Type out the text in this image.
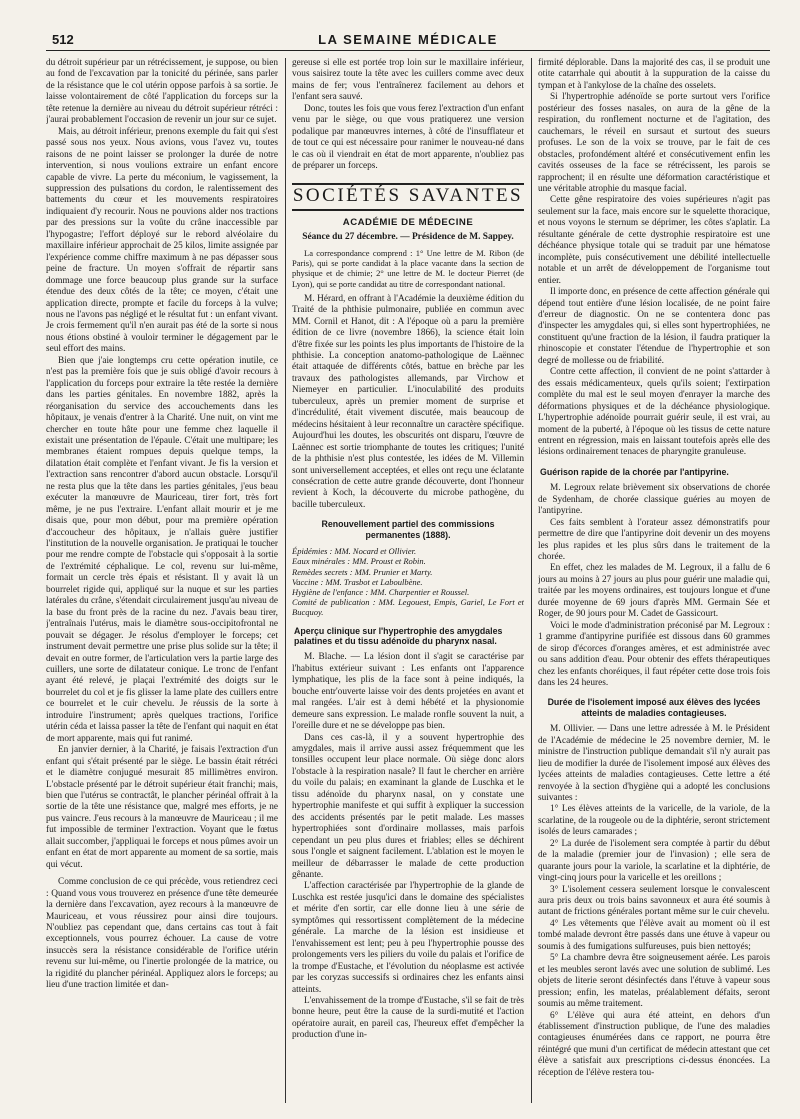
512	LA SEMAINE MÉDICALE

du détroit supérieur par un rétrécissement, je suppose, ou bien au fond de l'excavation par la tonicité du périnée, sans parler de la résistance que le col utérin oppose parfois à sa sortie. Je laisse volontairement de côté l'application du forceps sur la tête retenue la dernière au niveau du détroit supérieur rétréci : j'aurai probablement l'occasion de revenir un jour sur ce sujet.

Mais, au détroit inférieur, prenons exemple du fait qui s'est passé sous nos yeux. Nous avions, vous l'avez vu, toutes raisons de ne point laisser se prolonger la durée de notre intervention, si nous voulions extraire un enfant encore capable de vivre. La perte du méconium, le vagissement, la suppression des pulsations du cordon, le ralentissement des battements du cœur et les mouvements respiratoires indiquaient d'y recourir. Nous ne pouvions alder nos tractions par des pressions sur la voûte du crâne inaccessible par l'hypogastre; l'effort déployé sur le rebord alvéolaire du maxillaire inférieur approchait de 25 kilos, limite assignée par l'expérience comme chiffre maximum à ne pas dépasser sous peine de fracture. Un moyen s'offrait de répartir sans dommage une force beaucoup plus grande sur la surface étendue des deux côtés de la tête; ce moyen, c'était une application directe, prompte et facile du forceps à la vulve; nous ne l'avons pas négligé et le résultat fut : un enfant vivant. Je crois fermement qu'il n'en aurait pas été de la sorte si nous nous étions obstiné à vouloir terminer le dégagement par le seul effort des mains.

Bien que j'aie longtemps cru cette opération inutile, ce n'est pas la première fois que je suis obligé d'avoir recours à l'application du forceps pour extraire la tête restée la dernière dans les parties génitales. En novembre 1882, après la réorganisation du service des accouchements dans les hôpitaux, je venais d'entrer à la Charité. Une nuit, on vint me chercher en toute hâte pour une femme chez laquelle il existait une présentation de l'épaule. C'était une multipare; les membranes étaient rompues depuis quelque temps, la dilatation était complète et l'enfant vivant. Je fis la version et l'extraction sans rencontrer d'abord aucun obstacle. Lorsqu'il ne resta plus que la tête dans les parties génitales, j'eus beau exécuter la manœuvre de Mauriceau, tirer fort, très fort même, je ne pus l'extraire. L'enfant allait mourir et je me disais que, pour mon début, pour ma première opération d'accoucheur des hôpitaux, je n'allais guère justifier l'institution de la nouvelle organisation. Je pratiquai le toucher pour me rendre compte de l'obstacle qui s'opposait à la sortie de l'extrémité céphalique. Le col, revenu sur lui-même, formait un cercle très épais et résistant. Il y avait là un bourrelet rigide qui, appliqué sur la nuque et sur les parties latérales du crâne, s'étendait circulairement jusqu'au niveau de la base du front près de la racine du nez. J'avais beau tirer, j'entraînais l'utérus, mais le diamètre sous-occipitofrontal ne pouvait se dégager. Je résolus d'employer le forceps; cet instrument devait permettre une prise plus solide sur la tête; il devait en outre former, de l'articulation vers la partie large des cuillers, une sorte de dilatateur conique. Le tronc de l'enfant ayant été relevé, je plaçai l'extrémité des doigts sur le bourrelet du col et je fis glisser la lame plate des cuillers entre ce bourrelet et le cuir chevelu. Je réussis de la sorte à introduire l'instrument; après quelques tractions, l'orifice utérin céda et laissa passer la tête de l'enfant qui naquit en état de mort apparente, mais qui fut ranimé.

En janvier dernier, à la Charité, je faisais l'extraction d'un enfant qui s'était présenté par le siège. Le bassin était rétréci et le diamètre conjugué mesurait 85 millimètres environ. L'obstacle présenté par le détroit supérieur était franchi; mais, bien que l'utérus se contractât, le plancher périnéal offrait à la sortie de la tête une résistance que, malgré mes efforts, je ne pus vaincre. J'eus recours à la manœuvre de Mauriceau ; il me fut impossible de terminer l'extraction. Voyant que le fœtus allait succomber, j'appliquai le forceps et nous pûmes avoir un enfant en état de mort apparente au moment de sa sortie, mais qui vécut.

Comme conclusion de ce qui précède, vous retiendrez ceci : Quand vous vous trouverez en présence d'une tête demeurée la dernière dans l'excavation, ayez recours à la manœuvre de Mauriceau, et vous réussirez pour ainsi dire toujours. N'oubliez pas cependant que, dans certains cas tout à fait exceptionnels, vous pourrez échouer. La cause de votre insuccès sera la résistance considérable de l'orifice utérin revenu sur lui-même, ou l'inertie prolongée de la matrice, ou la rigidité du plancher périnéal. Appliquez alors le forceps; au lieu d'une traction limitée et dan-

gereuse si elle est portée trop loin sur le maxillaire inférieur, vous saisirez toute la tête avec les cuillers comme avec deux mains de fer; vous l'entraînerez facilement au dehors et l'enfant sera sauvé.

Donc, toutes les fois que vous ferez l'extraction d'un enfant venu par le siège, ou que vous pratiquerez une version podalique par manœuvres internes, à côté de l'insufflateur et de tout ce qui est nécessaire pour ranimer le nouveau-né dans le cas où il viendrait en état de mort apparente, n'oubliez pas de préparer un forceps.

SOCIÉTÉS SAVANTES
ACADÉMIE DE MÉDECINE
Séance du 27 décembre. — Présidence de M. Sappey.

La correspondance comprend : 1° Une lettre de M. Ribon (de Paris), qui se porte candidat à la place vacante dans la section de physique et de chimie; 2° une lettre de M. le docteur Pierret (de Lyon), qui se porte candidat au titre de correspondant national.

M. Hérard, en offrant à l'Académie la deuxième édition du Traité de la phthisie pulmonaire, publiée en commun avec MM. Cornil et Hanot, dit : A l'époque où a paru la première édition de ce livre (novembre 1866), la science était loin d'être fixée sur les points les plus importants de l'histoire de la phthisie. La conception anatomo-pathologique de Laënnec était attaquée de différents côtés, battue en brèche par les travaux des pathologistes allemands, par Virchow et Niemeyer en particulier. L'inoculabilité des produits tuberculeux, après un premier moment de surprise et d'incrédulité, était vivement discutée, mais beaucoup de médecins hésitaient à leur reconnaître un caractère spécifique. Aujourd'hui les doutes, les obscurités ont disparu, l'œuvre de Laënnec est sortie triomphante de toutes les critiques; l'unité de la phthisie n'est plus contestée, les idées de M. Villemin sont universellement acceptées, et elles ont reçu une éclatante consécration de cette autre grande découverte, dont l'honneur revient à Koch, la découverte du microbe pathogène, du bacille tuberculeux.

Renouvellement partiel des commissions permanentes (1888).

Épidémies : MM. Nocard et Ollivier.

Eaux minérales : MM. Proust et Robin.

Remèdes secrets : MM. Prunier et Marty.

Vaccine : MM. Trasbot et Laboulbène.

Hygiène de l'enfance : MM. Charpentier et Roussel.

Comité de publication : MM. Legouest, Empis, Gariel, Le Fort et Bucquoy.

Aperçu clinique sur l'hypertrophie des amygdales palatines et du tissu adénoïde du pharynx nasal.

M. Blache. — La lésion dont il s'agit se caractérise par l'habitus extérieur suivant : Les enfants ont l'apparence lymphatique, les plis de la face sont à peine indiqués, la bouche entr'ouverte laisse voir des dents projetées en avant et mal rangées. L'air est à demi hébété et la physionomie demeure sans expression. Le malade ronfle souvent la nuit, a l'oreille dure et ne se développe pas bien.

Dans ces cas-là, il y a souvent hypertrophie des amygdales, mais il arrive aussi assez fréquemment que les tonsilles occupent leur place normale. Où siège donc alors l'obstacle à la respiration nasale? Il faut le chercher en arrière du voile du palais; en examinant la glande de Luschka et le tissu adénoïde du pharynx nasal, on y constate une hypertrophie manifeste et qui suffit à expliquer la succession des accidents présentés par le petit malade. Les masses hypertrophiées sont d'ordinaire mollasses, mais parfois cependant un peu plus dures et friables; elles se déchirent sous l'ongle et saignent facilement. L'ablation est le moyen le meilleur de débarrasser le malade de cette production gênante.

L'affection caractérisée par l'hypertrophie de la glande de Luschka est restée jusqu'ici dans le domaine des spécialistes et mérite d'en sortir, car elle donne lieu à une série de symptômes qui ressortissent complètement de la médecine générale. La marche de la lésion est insidieuse et l'envahissement est lent; peu à peu l'hypertrophie pousse des prolongements vers les piliers du voile du palais et l'orifice de la trompe d'Eustache, et l'évolution du néoplasme est activée par les coryzas successifs si ordinaires chez les enfants ainsi atteints.

L'envahissement de la trompe d'Eustache, s'il se fait de très bonne heure, peut être la cause de la surdi-mutité et l'action opératoire aurait, en pareil cas, l'heureux effet d'empêcher la production d'une in-

firmité déplorable. Dans la majorité des cas, il se produit une otite catarrhale qui aboutit à la suppuration de la caisse du tympan et à l'ankylose de la chaîne des osselets.

Si l'hypertrophie adénoïde se porte surtout vers l'orifice postérieur des fosses nasales, on aura de la gêne de la respiration, du ronflement nocturne et de l'agitation, des cauchemars, le réveil en sursaut et surtout des sueurs profuses. Le son de la voix se trouve, par le fait de ces obstacles, profondément altéré et consécutivement enfin les cavités osseuses de la face se rétrécissent, les parois se rapprochent; il en résulte une déformation caractéristique et une véritable atrophie du masque facial.

Cette gêne respiratoire des voies supérieures n'agit pas seulement sur la face, mais encore sur le squelette thoracique, et nous voyons le sternum se déprimer, les côtes s'aplatir. La résultante générale de cette dystrophie respiratoire est une déchéance physique totale qui se traduit par une hématose incomplète, puis consécutivement une débilité intellectuelle notable et un arrêt de développement de l'organisme tout entier.

Il importe donc, en présence de cette affection générale qui dépend tout entière d'une lésion localisée, de ne point faire d'erreur de diagnostic. On ne se contentera donc pas d'inspecter les amygdales qui, si elles sont hypertrophiées, ne constituent qu'une fraction de la lésion, il faudra pratiquer la rhinoscopie et constater l'étendue de l'hypertrophie et son degré de mollesse ou de friabilité.

Contre cette affection, il convient de ne point s'attarder à des essais médicamenteux, quels qu'ils soient; l'extirpation complète du mal est le seul moyen d'enrayer la marche des déformations physiques et de la déchéance physiologique. L'hypertrophie adénoïde pourrait guérir seule, il est vrai, au moment de la puberté, à l'époque où les tissus de cette nature entrent en régression, mais en laissant toutefois après elle des lésions ordinairement tenaces de pharyngite granuleuse.

Guérison rapide de la chorée par l'antipyrine.

M. Legroux relate brièvement six observations de chorée de Sydenham, de chorée classique guéries au moyen de l'antipyrine.

Ces faits semblent à l'orateur assez démonstratifs pour permettre de dire que l'antipyrine doit devenir un des moyens les plus rapides et les plus sûrs dans le traitement de la chorée.

En effet, chez les malades de M. Legroux, il a fallu de 6 jours au moins à 27 jours au plus pour guérir une maladie qui, traitée par les moyens ordinaires, est toujours longue et d'une durée moyenne de 69 jours d'après MM. Germain Sée et Roger, de 90 jours pour M. Cadet de Gassicourt.

Voici le mode d'administration préconisé par M. Legroux : 1 gramme d'antipyrine purifiée est dissous dans 60 grammes de sirop d'écorces d'oranges amères, et est administrée avec ou sans addition d'eau. Pour obtenir des effets thérapeutiques chez les enfants choréiques, il faut répéter cette dose trois fois dans les 24 heures.

Durée de l'isolement imposé aux élèves des lycées atteints de maladies contagieuses.

M. Ollivier. — Dans une lettre adressée à M. le Président de l'Académie de médecine le 25 novembre dernier, M. le ministre de l'instruction publique demandait s'il n'y aurait pas lieu de modifier la durée de l'isolement imposé aux élèves des lycées atteints de maladies contagieuses. Cette lettre a été renvoyée à la section d'hygiène qui a adopté les conclusions suivantes :

1° Les élèves atteints de la varicelle, de la variole, de la scarlatine, de la rougeole ou de la diphtérie, seront strictement isolés de leurs camarades ;

2° La durée de l'isolement sera comptée à partir du début de la maladie (premier jour de l'invasion) ; elle sera de quarante jours pour la variole, la scarlatine et la diphtérie, de vingt-cinq jours pour la varicelle et les oreillons ;

3° L'isolement cessera seulement lorsque le convalescent aura pris deux ou trois bains savonneux et aura été soumis à autant de frictions générales portant même sur le cuir chevelu.

4° Les vêtements que l'élève avait au moment où il est tombé malade devront être passés dans une étuve à vapeur ou soumis à des fumigations sulfureuses, puis bien nettoyés;

5° La chambre devra être soigneusement aérée. Les parois et les meubles seront lavés avec une solution de sublimé. Les objets de literie seront désinfectés dans l'étuve à vapeur sous pression; enfin, les matelas, préalablement défaits, seront soumis au même traitement.

6° L'élève qui aura été atteint, en dehors d'un établissement d'instruction publique, de l'une des maladies contagieuses énumérées dans ce rapport, ne pourra être réintégré que muni d'un certificat de médecin attestant que cet élève a satisfait aux prescriptions ci-dessus énoncées. La réception de l'élève restera tou-
